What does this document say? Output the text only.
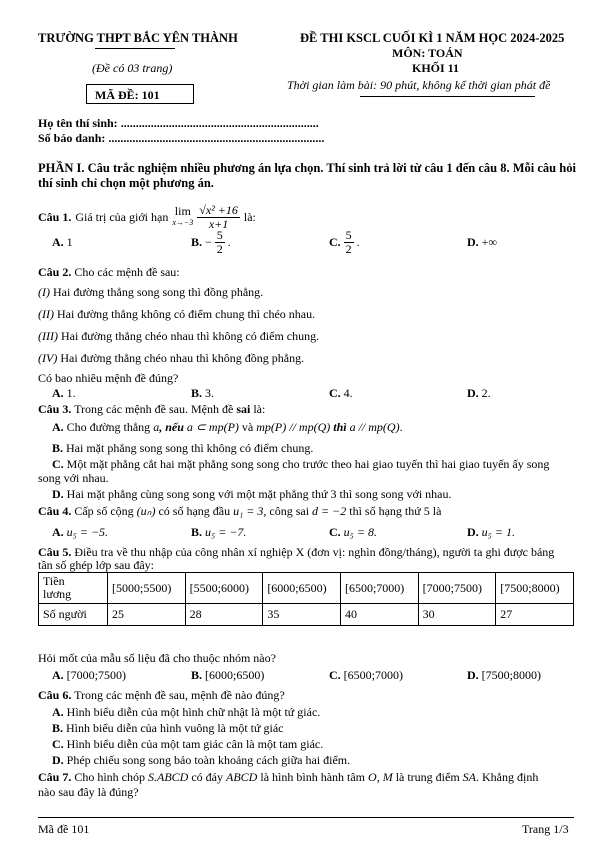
TRƯỜNG THPT BẮC YÊN THÀNH
(Đề có 03 trang)
MÃ ĐỀ: 101
ĐỀ THI KSCL CUỐI KÌ 1 NĂM HỌC 2024-2025
MÔN: TOÁN
KHỐI 11
Thời gian làm bài: 90 phút, không kể thời gian phát đề
Họ tên thí sinh: ..................................................................
Số báo danh: ........................................................................
PHẦN I. Câu trắc nghiệm nhiều phương án lựa chọn. Thí sinh trả lời từ câu 1 đến câu 8. Mỗi câu hỏi
thí sinh chỉ chọn một phương án.
Câu 1. Giá trị của giới hạn lim
$x\to-3 \frac{\text{√x² +16}}{x+1}$ là:
A. 1	B. − $\frac{5}{2}$ .	C. $\frac{5}{2}$ .	D. +∞
Câu 2. Cho các mệnh đề sau:
(I) Hai đường thẳng song song thì đồng phẳng.
(II) Hai đường thẳng không có điểm chung thì chéo nhau.
(III) Hai đường thẳng chéo nhau thì không có điểm chung.
(IV) Hai đường thẳng chéo nhau thì không đồng phẳng.
Có bao nhiêu mệnh đề đúng?
A. 1.	B. 3.	C. 4.	D. 2.
Câu 3. Trong các mệnh đề sau. Mệnh đề sai là:
A. Cho đường thẳng a, nếu a ⊂ mp(P) và mp(P) // mp(Q) thì a // mp(Q).
B. Hai mặt phẳng song song thì không có điểm chung.
C. Một mặt phẳng cắt hai mặt phẳng song song cho trước theo hai giao tuyến thì hai giao tuyến ấy song
song với nhau.
D. Hai mặt phẳng cùng song song với một mặt phẳng thứ 3 thì song song với nhau.
Câu 4. Cấp số cộng (uₙ) có số hạng đầu u₁ = 3, công sai d = −2 thì số hạng thứ 5 là
A. u₅ = −5.	B. u₅ = −7.	C. u₅ = 8.	D. u₅ = 1.
Câu 5. Điều tra về thu nhập của công nhân xí nghiệp X (đơn vị: nghìn đồng/tháng), người ta ghi được bảng
tần số ghép lớp sau đây:
Tiền
lương	[5000;5500)	[5500;6000)	[6000;6500)	[6500;7000)	[7000;7500)	[7500;8000)
Số người	25	28	35	40	30	27
Hỏi mốt của mẫu số liệu đã cho thuộc nhóm nào?
A. [7000;7500)	B. [6000;6500)	C. [6500;7000)	D. [7500;8000)
Câu 6. Trong các mệnh đề sau, mệnh đề nào đúng?
A. Hình biểu diễn của một hình chữ nhật là một tứ giác.
B. Hình biểu diễn của hình vuông là một tứ giác
C. Hình biểu diễn của một tam giác cân là một tam giác.
D. Phép chiếu song song bảo toàn khoảng cách giữa hai điểm.
Câu 7. Cho hình chóp S.ABCD có đáy ABCD là hình bình hành tâm O, M là trung điểm SA. Khẳng định
nào sau đây là đúng?
Mã đề 101	Trang 1/3
